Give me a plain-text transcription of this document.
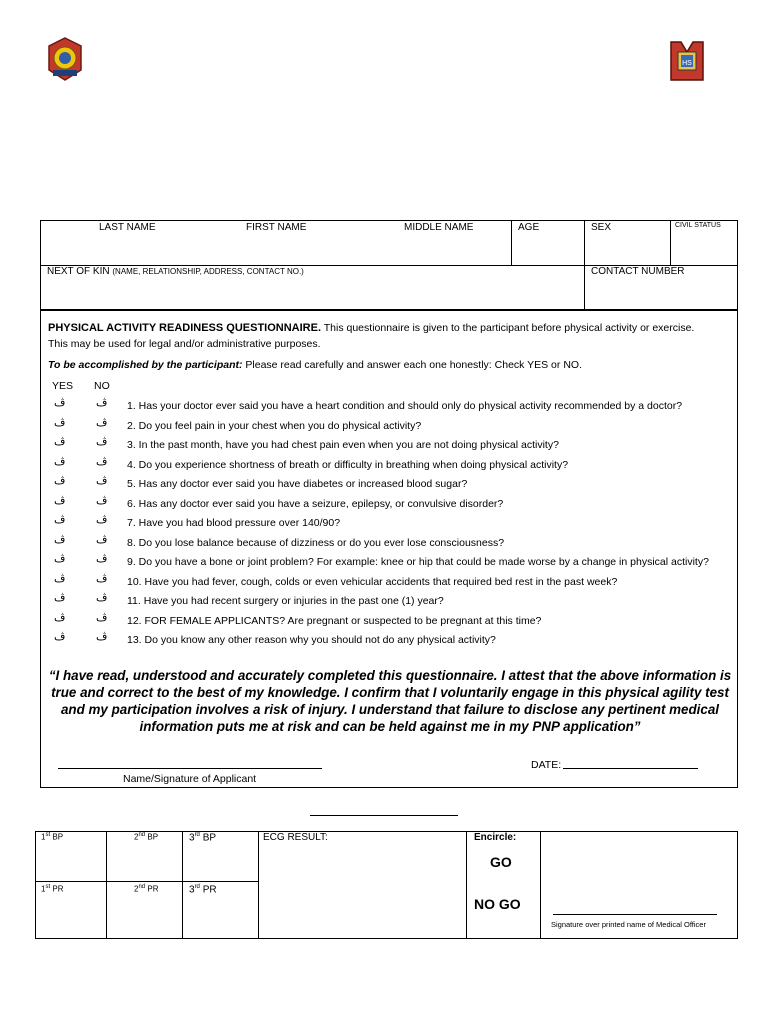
HS
LAST NAME	FIRST NAME	MIDDLE NAME	AGE	SEX	CIVIL STATUS
NEXT OF KIN (NAME, RELATIONSHIP, ADDRESS, CONTACT NO.)	CONTACT NUMBER
PHYSICAL ACTIVITY READINESS QUESTIONNAIRE. This questionnaire is given to the participant before physical activity or exercise.
This may be used for legal and/or administrative purposes.
To be accomplished by the participant: Please read carefully and answer each one honestly: Check YES or NO.
YES NO
ڤ	ڤ 1. Has your doctor ever said you have a heart condition and should only do physical activity recommended by a doctor?
ڤ	ڤ 2. Do you feel pain in your chest when you do physical activity?
ڤ	ڤ 3. In the past month, have you had chest pain even when you are not doing physical activity?
ڤ	ڤ 4. Do you experience shortness of breath or difficulty in breathing when doing physical activity?
ڤ	ڤ 5. Has any doctor ever said you have diabetes or increased blood sugar?
ڤ	ڤ 6. Has any doctor ever said you have a seizure, epilepsy, or convulsive disorder?
ڤ	ڤ 7. Have you had blood pressure over 140/90?
ڤ	ڤ 8. Do you lose balance because of dizziness or do you ever lose consciousness?
ڤ	ڤ 9. Do you have a bone or joint problem? For example: knee or hip that could be made worse by a change in physical activity?
ڤ	ڤ 10. Have you had fever, cough, colds or even vehicular accidents that required bed rest in the past week?
ڤ	ڤ 11. Have you had recent surgery or injuries in the past one (1) year?
ڤ	ڤ 12. FOR FEMALE APPLICANTS? Are pregnant or suspected to be pregnant at this time?
ڤ	ڤ 13. Do you know any other reason why you should not do any physical activity?
“I have read, understood and accurately completed this questionnaire. I attest that the above information is true and correct to the best of my knowledge. I confirm that I voluntarily engage in this physical agility test and my participation involves a risk of injury. I understand that failure to disclose any pertinent medical information puts me at risk and can be held against me in my PNP application”
Name/Signature of Applicant
DATE:
1st BP	2nd BP	3rd BP
1st PR	2nd PR	3rd PR
ECG RESULT:	Encircle:
GO
NO GO
Signature over printed name of Medical Officer
